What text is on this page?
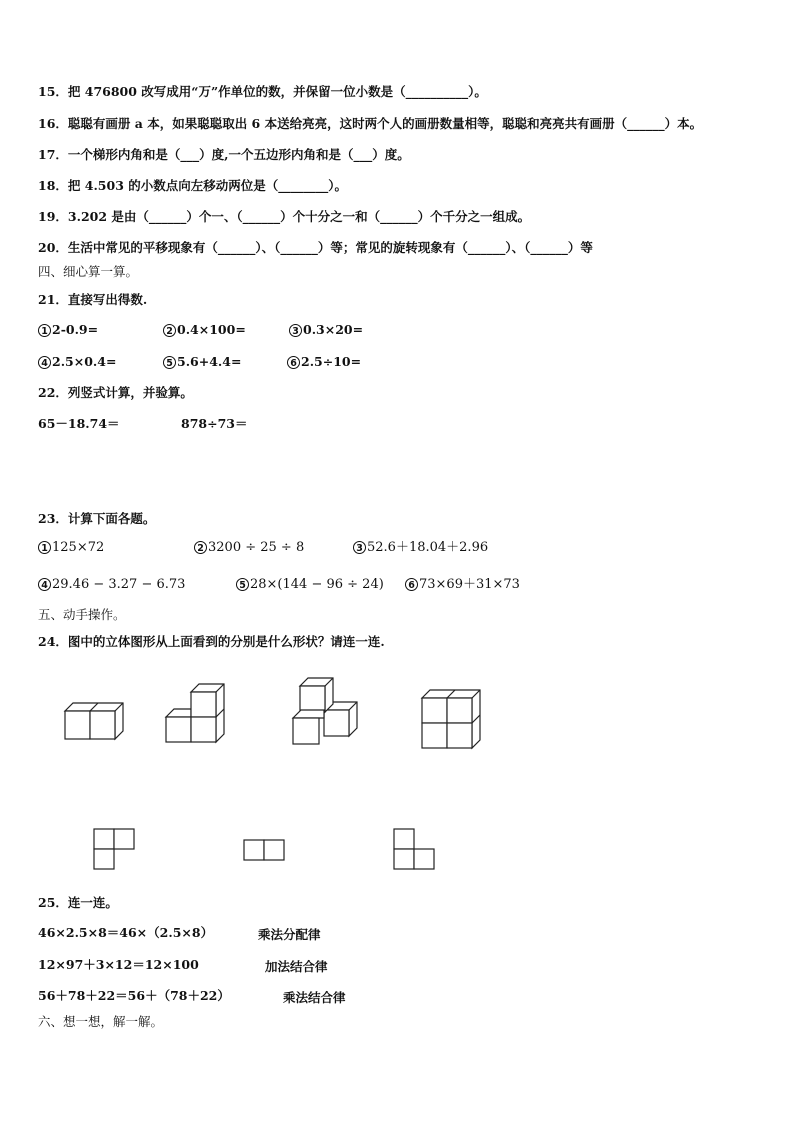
15．把 476800 改写成用“万”作单位的数，并保留一位小数是（__________）。
16．聪聪有画册 a 本，如果聪聪取出 6 本送给亮亮，这时两个人的画册数量相等，聪聪和亮亮共有画册（______）本。
17．一个梯形内角和是（___）度,一个五边形内角和是（___）度。
18．把 4.503 的小数点向左移动两位是（________）。
19．3.202 是由（______）个一、（______）个十分之一和（______）个千分之一组成。
20．生活中常见的平移现象有（______）、（______）等；常见的旋转现象有（______）、（______）等
四、细心算一算。
21．直接写出得数.
1 2-0.9=	2 0.4×100=	3 0.3×20=
4 2.5×0.4=	5 5.6+4.4=	6 2.5÷10=
22．列竖式计算，并验算。
65－18.74＝	878÷73＝
23．计算下面各题。
1 125×72	2 3200 ÷ 25 ÷ 8	3 52.6＋18.04＋2.96
4 29.46 − 3.27 − 6.73	5 28×(144 − 96 ÷ 24)	6 73×69＋31×73
五、动手操作。
24．图中的立体图形从上面看到的分别是什么形状？请连一连.
25．连一连。
46×2.5×8＝46×（2.5×8）	乘法分配律
12×97＋3×12＝12×100	加法结合律
56＋78＋22＝56＋（78＋22）	乘法结合律
六、想一想，解一解。
